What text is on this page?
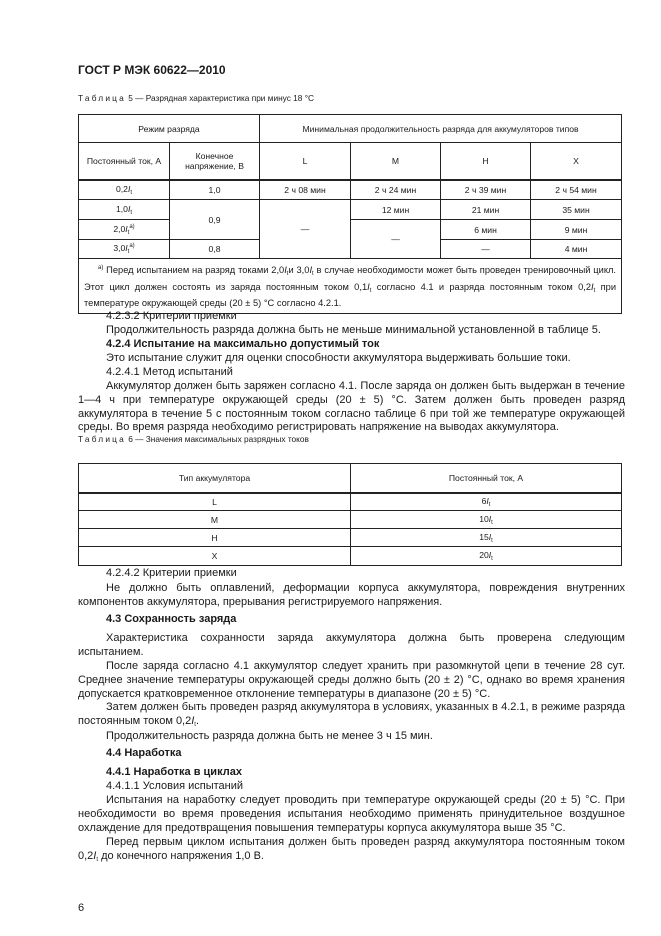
ГОСТ Р МЭК 60622—2010
Таблица 5 — Разрядная характеристика при минус 18 °C
Режим разряда		Минимальная продолжительность разряда для аккумуляторов типов			
Постоянный ток, А	Конечное напряжение, В	L	M	H	X
$0,2I_t$	1,0	2 ч 08 мин	2 ч 24 мин	2 ч 39 мин	2 ч 54 мин
$1,0I_t$	0,9	—	12 мин	21 мин	35 мин
$2,0I_t^{а)}$			—	6 мин	9 мин
$3,0I_t^{а)}$	0,8			—	4 мин
$^{а)}$ Перед испытанием на разряд токами $2,0I_tи$ $3,0I_t$ в случае необходимости может быть проведен тренировочный цикл. Этот цикл должен состоять из заряда постоянным током $0,1I_t$ согласно 4.1 и разряда постоянным током $0,2I_t$ при температуре окружающей среды (20 ± 5) °C согласно 4.2.1.					
4.2.3.2 Критерии приемки
Продолжительность разряда должна быть не меньше минимальной установленной в таблице 5.
4.2.4 Испытание на максимально допустимый ток
Это испытание служит для оценки способности аккумулятора выдерживать большие токи.
4.2.4.1 Метод испытаний
Аккумулятор должен быть заряжен согласно 4.1. После заряда он должен быть выдержан в течение 1—4 ч при температуре окружающей среды (20 ± 5) °C. Затем должен быть проведен разряд аккумулятора в течение 5 с постоянным током согласно таблице 6 при той же температуре окружающей среды. Во время разряда необходимо регистрировать напряжение на выводах аккумулятора.
Таблица 6 — Значения максимальных разрядных токов
Тип аккумулятора	Постоянный ток, А
L	$6I_t$
M	$10I_t$
H	$15I_t$
X	$20I_t$
4.2.4.2 Критерии приемки
Не должно быть оплавлений, деформации корпуса аккумулятора, повреждения внутренних компонентов аккумулятора, прерывания регистрируемого напряжения.
4.3 Сохранность заряда
Характеристика сохранности заряда аккумулятора должна быть проверена следующим испытанием.
После заряда согласно 4.1 аккумулятор следует хранить при разомкнутой цепи в течение 28 сут. Среднее значение температуры окружающей среды должно быть (20 ± 2) °C, однако во время хранения допускается кратковременное отклонение температуры в диапазоне (20 ± 5) °C.
Затем должен быть проведен разряд аккумулятора в условиях, указанных в 4.2.1, в режиме разряда постоянным током $0,2I_t$.
Продолжительность разряда должна быть не менее 3 ч 15 мин.
4.4 Наработка
4.4.1 Наработка в циклах
4.4.1.1 Условия испытаний
Испытания на наработку следует проводить при температуре окружающей среды (20 ± 5) °C. При необходимости во время проведения испытания необходимо применять принудительное воздушное охлаждение для предотвращения повышения температуры корпуса аккумулятора выше 35 °C.
Перед первым циклом испытания должен быть проведен разряд аккумулятора постоянным током $0,2I_t$ до конечного напряжения 1,0 В.
6
